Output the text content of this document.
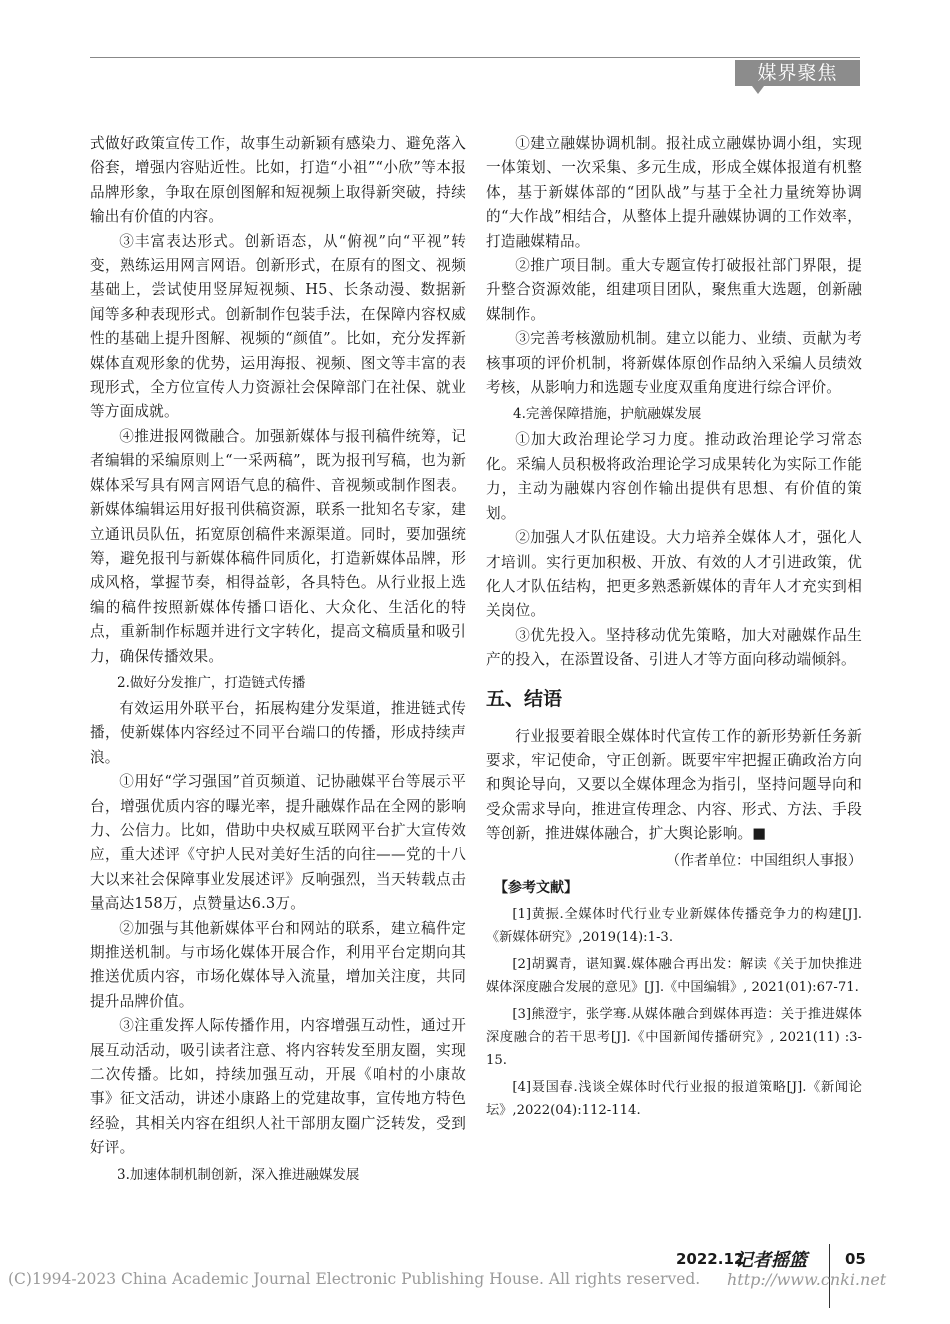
媒界聚焦

式做好政策宣传工作，故事生动新颖有感染力、避免落入俗套，增强内容贴近性。比如，打造“小祖”“小欣”等本报品牌形象，争取在原创图解和短视频上取得新突破，持续输出有价值的内容。

③丰富表达形式。创新语态，从“俯视”向“平视”转变，熟练运用网言网语。创新形式，在原有的图文、视频基础上，尝试使用竖屏短视频、H5、长条动漫、数据新闻等多种表现形式。创新制作包装手法，在保障内容权威性的基础上提升图解、视频的“颜值”。比如，充分发挥新媒体直观形象的优势，运用海报、视频、图文等丰富的表现形式，全方位宣传人力资源社会保障部门在社保、就业等方面成就。

④推进报网微融合。加强新媒体与报刊稿件统筹，记者编辑的采编原则上“一采两稿”，既为报刊写稿，也为新媒体采写具有网言网语气息的稿件、音视频或制作图表。新媒体编辑运用好报刊供稿资源，联系一批知名专家，建立通讯员队伍，拓宽原创稿件来源渠道。同时，要加强统筹，避免报刊与新媒体稿件同质化，打造新媒体品牌，形成风格，掌握节奏，相得益彰，各具特色。从行业报上选编的稿件按照新媒体传播口语化、大众化、生活化的特点，重新制作标题并进行文字转化，提高文稿质量和吸引力，确保传播效果。

2.做好分发推广，打造链式传播

有效运用外联平台，拓展构建分发渠道，推进链式传播，使新媒体内容经过不同平台端口的传播，形成持续声浪。

①用好“学习强国”首页频道、记协融媒平台等展示平台，增强优质内容的曝光率，提升融媒作品在全网的影响力、公信力。比如，借助中央权威互联网平台扩大宣传效应，重大述评《守护人民对美好生活的向往——党的十八大以来社会保障事业发展述评》反响强烈，当天转载点击量高达158万，点赞量达6.3万。

②加强与其他新媒体平台和网站的联系，建立稿件定期推送机制。与市场化媒体开展合作，利用平台定期向其推送优质内容，市场化媒体导入流量，增加关注度，共同提升品牌价值。

③注重发挥人际传播作用，内容增强互动性，通过开展互动活动，吸引读者注意、将内容转发至朋友圈，实现二次传播。比如，持续加强互动，开展《咱村的小康故事》征文活动，讲述小康路上的党建故事，宣传地方特色经验，其相关内容在组织人社干部朋友圈广泛转发，受到好评。

3.加速体制机制创新，深入推进融媒发展

①建立融媒协调机制。报社成立融媒协调小组，实现一体策划、一次采集、多元生成，形成全媒体报道有机整体，基于新媒体部的“团队战”与基于全社力量统筹协调的“大作战”相结合，从整体上提升融媒协调的工作效率，打造融媒精品。

②推广项目制。重大专题宣传打破报社部门界限，提升整合资源效能，组建项目团队，聚焦重大选题，创新融媒制作。

③完善考核激励机制。建立以能力、业绩、贡献为考核事项的评价机制，将新媒体原创作品纳入采编人员绩效考核，从影响力和选题专业度双重角度进行综合评价。

4.完善保障措施，护航融媒发展

①加大政治理论学习力度。推动政治理论学习常态化。采编人员积极将政治理论学习成果转化为实际工作能力，主动为融媒内容创作输出提供有思想、有价值的策划。

②加强人才队伍建设。大力培养全媒体人才，强化人才培训。实行更加积极、开放、有效的人才引进政策，优化人才队伍结构，把更多熟悉新媒体的青年人才充实到相关岗位。

③优先投入。坚持移动优先策略，加大对融媒作品生产的投入，在添置设备、引进人才等方面向移动端倾斜。

五、结语

行业报要着眼全媒体时代宣传工作的新形势新任务新要求，牢记使命，守正创新。既要牢牢把握正确政治方向和舆论导向，又要以全媒体理念为指引，坚持问题导向和受众需求导向，推进宣传理念、内容、形式、方法、手段等创新，推进媒体融合，扩大舆论影响。■

（作者单位：中国组织人事报）

【参考文献】

[1]黄振.全媒体时代行业专业新媒体传播竞争力的构建[J].《新媒体研究》,2019(14):1-3.

[2]胡翼青，谌知翼.媒体融合再出发：解读《关于加快推进媒体深度融合发展的意见》[J].《中国编辑》, 2021(01):67-71.

[3]熊澄宇，张学骞.从媒体融合到媒体再造：关于推进媒体深度融合的若干思考[J].《中国新闻传播研究》, 2021(11) :3-15.

[4]聂国春.浅谈全媒体时代行业报的报道策略[J].《新闻论坛》,2022(04):112-114.

2022.12
记者摇篮	05
(C)1994-2023 China Academic Journal Electronic Publishing House. All rights reserved. http://www.cnki.net
